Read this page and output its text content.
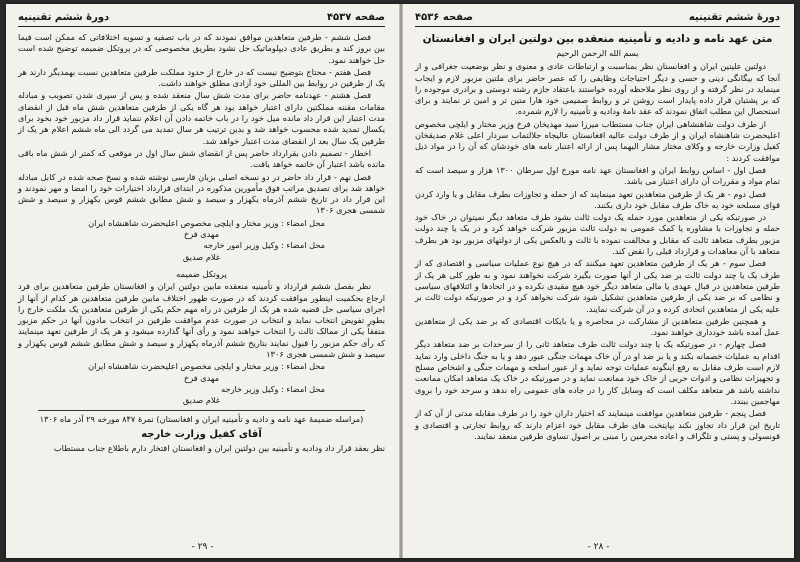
صفحه ۴۵۳۷
دورهٔ ششم تقنینیه

فصل ششم - طرفین متعاهدین موافق نمودند که در باب تصفیه و تسویه اختلافاتی که ممکن است فیما بین بروز کند و بطریق عادی دیپلوماتیک حل نشود بطریق مخصوصی که در پروتکل ضمیمه توضیح شده است حل خواهند نمود.

فصل هفتم - محتاج بتوضیح نیست که در خارج از حدود مملکت طرفین متعاهدین نسبت بهمدیگر دارند هر یک از طرفین در روابط بین المللی خود آزادی مطلق خواهند داشت.

فصل هشتم - عهدنامه حاضر برای مدت شش سال منعقد شده و پس از سپری شدن تصویب و مبادله مقامات مقننه مملکتین دارای اعتبار خواهد بود هر گاه یکی از طرفین متعاهدین شش ماه قبل از انقضای مدت اعتبار این قرار داد مانده میل خود را در باب خاتمه دادن آن اعلام ننماید قرار داد مزبور خود بخود برای یکسال تمدید شده محسوب خواهد شد و بدین ترتیب هر سال تمدید می گردد الی ماه ششم اعلام هر یک از طرفین یک سال بعد از انقضای مدت اعتبار خواهد شد.

اخطار - تصمیم دادن بقرارداد حاضر پس از انقضای شش سال اول در موقعی که کمتر از شش ماه باقی مانده باشد اعتبار آن خاتمه خواهد یافت.

فصل نهم - قرار داد حاضر در دو نسخه اصلی بزبان فارسی نوشته شده و نسخ صحه شده در کابل مبادله خواهد شد برای تصدیق مراتب فوق مأمورین مذکوره در ابتدای قرارداد اختیارات خود را امضا و مهر نمودند و این قرار داد در تاریخ ششم آذرماه یکهزار و سیصد و شش مطابق ششم قوس یکهزار و سیصد و شش شمسی هجری ۱۳۰۶

محل امضاء : وزیر مختار و ایلچی مخصوص اعلیحضرت شاهنشاه ایران

مهدی فرخ

محل امضاء : وکیل وزیر امور خارجه

غلام صدیق

پروتکل ضمیمه

نظر بفصل ششم قرارداد و تأمینیه منعقده مابین دولتین ایران و افغانستان طرفین متعاهدین برای فرد ارجاع بحکمیت اینطور موافقت کردند که در صورت ظهور اختلاف مابین طرفین متعاهدین هر کدام از آنها از اجرای سیاسی حل قضیه شده هر یک از طرفین در راه مهم حکم یکی از طرفین متعاهدین یک ملکت خارج را بطور تفویض انتخاب نماید و انتخاب در صورت عدم موافقت طرفین در انتخاب مادون آنها در حکم مزبور متفقاً یکی از ممالک ثالث را انتخاب خواهند نمود و رأی آنها گذارده میشود و هر یک از طرفین تعهد مینمایند که رأی حکم مزبور را قبول نمایند بتاریخ ششم آذرماه یکهزار و سیصد و شش مطابق ششم قوس یکهزار و سیصد و شش شمسی هجری ۱۳۰۶

محل امضاء : وزیر مختار و ایلچی مخصوص اعلیحضرت شاهنشاه ایران

مهدی فرخ

محل امضاء : وکیل وزیر خارجه

غلام صدیق

(مراسله ضمیمهٔ عهد نامه و دادیه و تأمینیه ایران و افغانستان) نمرهٔ ۸۴۷ مورخه ۲۹ آذر ماه ۱۳۰۶

آقای کفیل وزارت خارجه

نظر بعقد قرار داد ودادیه و تأمینیه بین دولتین ایران و افغانستان افتخار دارم باطلاع جناب مستطاب

- ۲۹ -
دورهٔ ششم تقنینیه
صفحه ۴۵۳۶

متن عهد نامه و دادیه و تأمینیه منعقده بین دولتین ایران و افغانستان

بسم الله الرحمن الرحیم

دولتین علیتین ایران و افغانستان نظر بمناسبت و ارتباطات عادی و معنوی و نظر بوضعیت جغرافی و از آنجا که بیگانگی دینی و حسی و دیگر احتیاجات وظایفی را که عصر حاضر برای ملتین مزبور لازم و ایجاب مینماید در نظر گرفته و از روی نظر ملاحظه آورده خواستند باعتقاد جازم رشته دوستی و برادری موجوده را که بر پشتبان قرار داده پایدار است روشن تر و روابط صمیمی خود هارا متین تر و امین تر نمایند و برای استحصال این مطلب اتفاق نمودند که عقد نامهٔ ودادیه و تأمینیه را لازم شمرده.

از طرف دولت شاهنشاهی ایران جناب مستطاب میرزا سید مهدیخان فرخ وزیر مختار و ایلچی مخصوص اعلیحضرت شاهنشاه ایران و از طرف دولت عالیه افغانستان عالیجاه جلالتماب سردار اعلی غلام صدیقخان کفیل وزارت خارجه و وکلای مختار مشار الیهما پس از ارائه اعتبار نامه های خودشان که آن را در مواد ذیل موافقت کردند :

فصل اول - اساس روابط ایران و افغانستان عهد نامه مورخ اول سرطان ۱۳۰۰ هزار و سیصد است که تمام مواد و مقررات آن دارای اعتبار می باشد.

فصل دوم - هر یک از طرفین متعاهدین تعهد مینمایند که از حمله و تجاوزات بطرف مقابل و یا وارد کردن قوای مسلحه خود به خاک طرف مقابل خود داری بکنند.

در صورتیکه یکی از متعاهدین مورد حمله یک دولت ثالث بشود طرف متعاهد دیگر نمیتوان در خاک خود حمله و تجاوزات با مشاوره یا کمک عمومی به دولت ثالث مزبور شرکت خواهد کرد و در یک یا چند دولت مزبور بطرف متعاهد ثالث که مقابل و مخالفت نموده با ثالث و بالعکس یکی از دولتهای مزبور بود هر بطرف متعاهد با آن معاهدات و قرارداد قبلی را نقض کند.

فصل سوم - هر یک از طرفین متعاهدین تعهد میکنند که در هیچ نوع عملیات سیاسی و اقتصادی که از طرف یک یا چند دولت ثالث بر ضد یکی از آنها صورت بگیرد شرکت نخواهند نمود و به طور کلی هر یک از طرفین متعاهدین در قبال عهدی یا مالی متعاهد دیگر خود هیچ مقیدی نکرده و در اتحادها و ائتلافهای سیاسی و نظامی که بر ضد یکی از طرفین متعاهدین تشکیل شود شرکت نخواهد کرد و در صورتیکه دولت ثالث بر علیه یکی از متعاهدین اتحادی کرده و در آن شرکت نمایند.

و همچنین طرفین متعاهدین از مشارکت در محاصره و یا بایکات اقتصادی که بر ضد یکی از متعاهدین عمل آمده باشد خودداری خواهند نمود.

فصل چهارم - در صورتیکه یک یا چند دولت ثالث طرف متعاهد ثانی را از سرحدات بر ضد متعاهد دیگر اقدام به عملیات خصمانه بکند و یا بر ضد او در آن خاک مهمات جنگی عبور دهد و یا به جنگ داخلی وارد نماید لازم است طرف مقابل به رفع اینگونه عملیات توجه نماید و از عبور اسلحه و مهمات جنگی و اشخاص مسلح و تجهیزات نظامی و ادوات حربی از خاک خود ممانعت نماید و در صورتیکه در خاک یک متعاهد امکان ممانعت نداشته باشد هر متعاهد مکلف است که وسایل کار را در جاده های عمومی راه ندهد و سرحد خود را بروی مهاجمین ببندد.

فصل پنجم - طرفین متعاهدین موافقت مینمایند که اختیار داران خود را در طرف مقابله مدتی از آن که از تاریخ این قرار داد تجاوز نکند بپایتخت های طرف مقابل خود اعزام دارند که روابط تجارتی و اقتصادی و قونسولی و پستی و تلگراف و اعاده مجرمین را مبنی بر اصول تساوی طرفین منعقد نمایند.

- ۲۸ -
